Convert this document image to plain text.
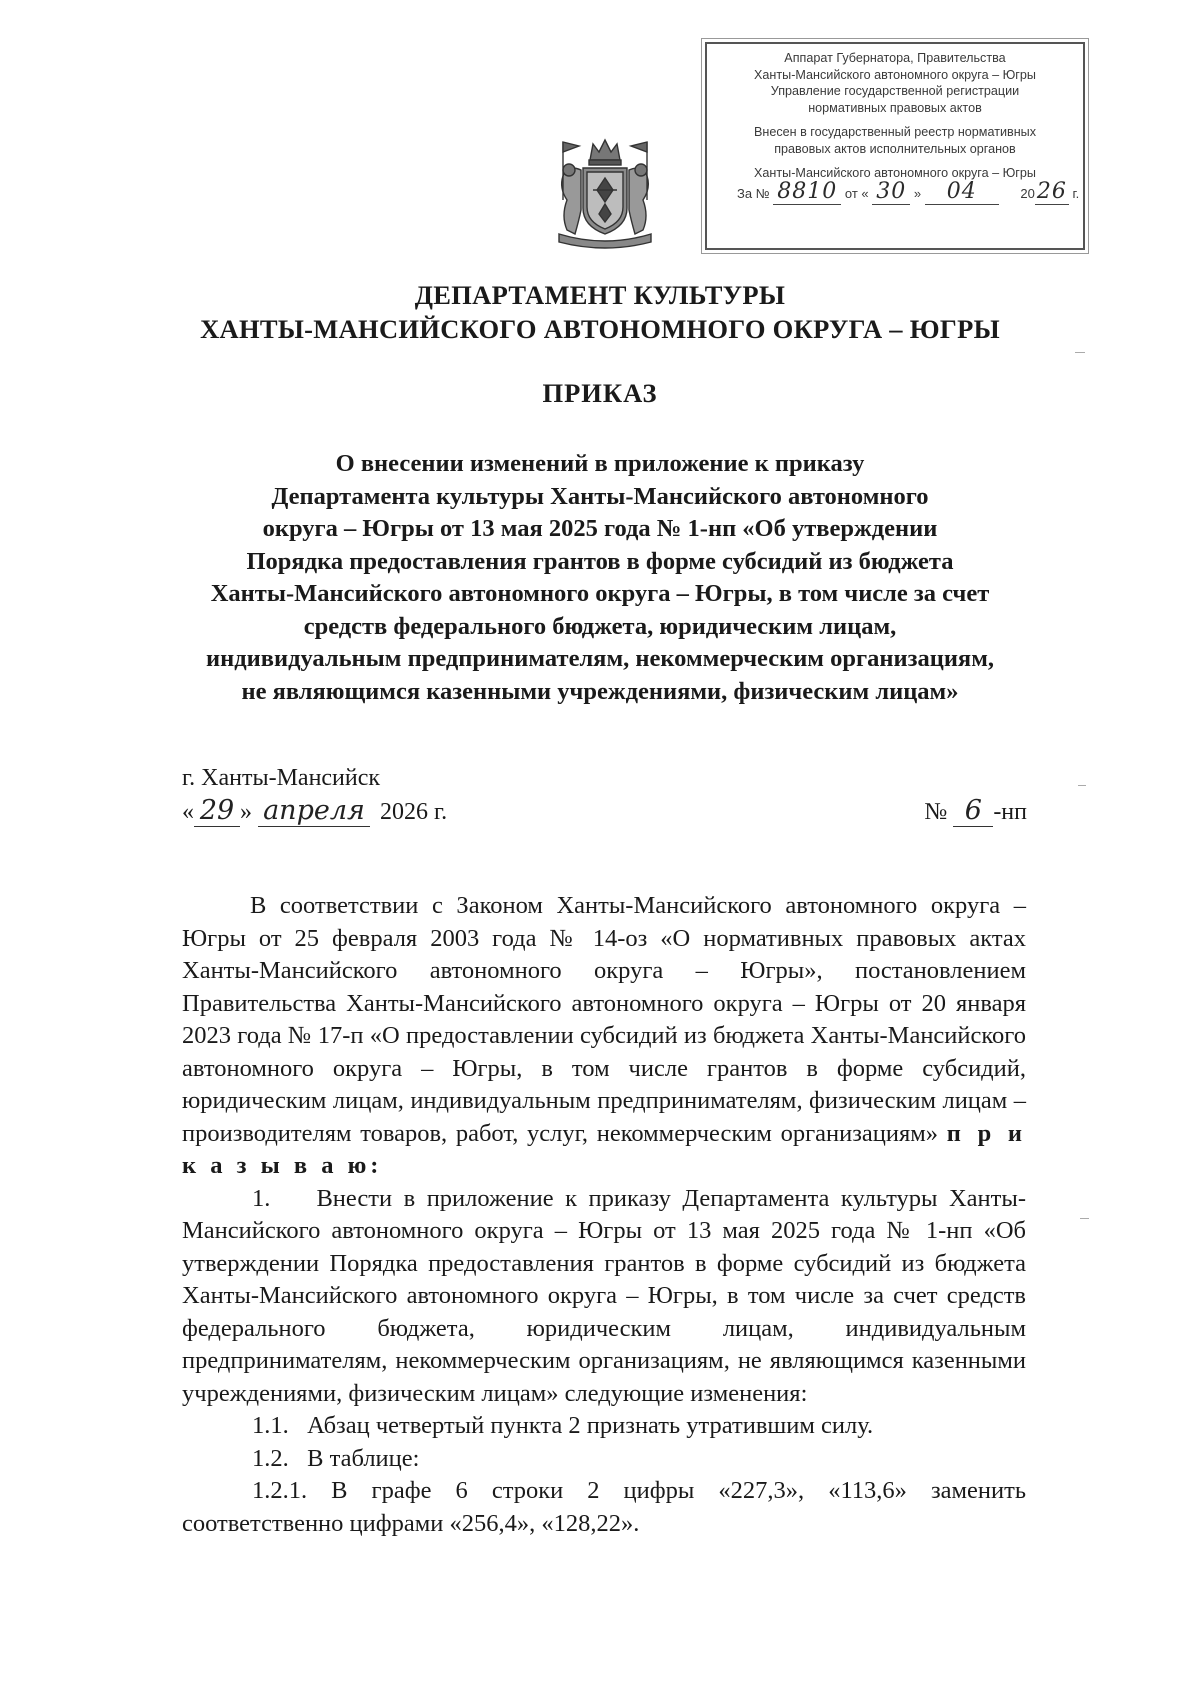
Аппарат Губернатора, Правительства
Ханты-Мансийского автономного округа – Югры
Управление государственной регистрации
нормативных правовых актов
Внесен в государственный реестр нормативных
правовых актов исполнительных органов
Ханты-Мансийского автономного округа – Югры
За № 8810 от « 30 » 04	2026 г.
ДЕПАРТАМЕНТ КУЛЬТУРЫ
ХАНТЫ-МАНСИЙСКОГО АВТОНОМНОГО ОКРУГА – ЮГРЫ
ПРИКАЗ
О внесении изменений в приложение к приказу
Департамента культуры Ханты-Мансийского автономного
округа – Югры от 13 мая 2025 года № 1-нп «Об утверждении
Порядка предоставления грантов в форме субсидий из бюджета
Ханты-Мансийского автономного округа – Югры, в том числе за счет
средств федерального бюджета, юридическим лицам,
индивидуальным предпринимателям, некоммерческим организациям,
не являющимся казенными учреждениями, физическим лицам»
г. Ханты-Мансийск
« 29 » апреля 2026 г.	№ 6 -нп

В соответствии с Законом Ханты-Мансийского автономного округа – Югры от 25 февраля 2003 года № 14-оз «О нормативных правовых актах Ханты-Мансийского автономного округа – Югры», постановлением Правительства Ханты-Мансийского автономного округа – Югры от 20 января 2023 года № 17-п «О предоставлении субсидий из бюджета Ханты-Мансийского автономного округа – Югры, в том числе грантов в форме субсидий, юридическим лицам, индивидуальным предпринимателям, физическим лицам – производителям товаров, работ, услуг, некоммерческим организациям» п р и к а з ы в а ю:

1.    Внести в приложение к приказу Департамента культуры Ханты-Мансийского автономного округа – Югры от 13 мая 2025 года № 1-нп «Об утверждении Порядка предоставления грантов в форме субсидий из бюджета Ханты-Мансийского автономного округа – Югры, в том числе за счет средств федерального бюджета, юридическим лицам, индивидуальным предпринимателям, некоммерческим организациям, не являющимся казенными учреждениями, физическим лицам» следующие изменения:

1.1.   Абзац четвертый пункта 2 признать утратившим силу.

1.2.   В таблице:

1.2.1. В графе 6 строки 2 цифры «227,3», «113,6» заменить соответственно цифрами «256,4», «128,22».
